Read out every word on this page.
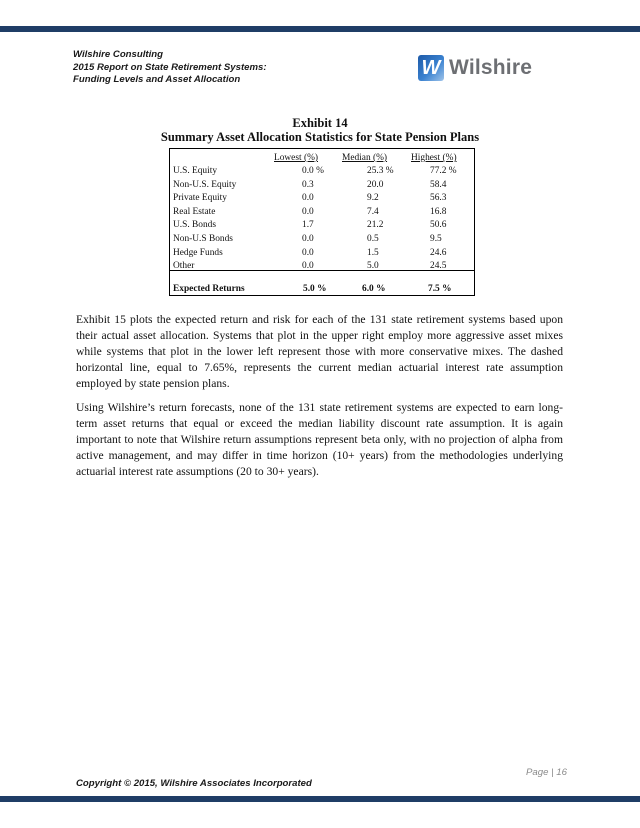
Wilshire Consulting
2015 Report on State Retirement Systems:
Funding Levels and Asset Allocation
W Wilshire
Exhibit 14
Summary Asset Allocation Statistics for State Pension Plans
Lowest (%)	Median (%)	Highest (%)
U.S. Equity	0.0 %	25.3 %	77.2 %
Non-U.S. Equity	0.3	20.0	58.4
Private Equity	0.0	9.2	56.3
Real Estate	0.0	7.4	16.8
U.S. Bonds	1.7	21.2	50.6
Non-U.S Bonds	0.0	0.5	9.5
Hedge Funds	0.0	1.5	24.6
Other	0.0	5.0	24.5
Expected Returns	5.0 %	6.0 %	7.5 %
Exhibit 15 plots the expected return and risk for each of the 131 state retirement systems based upon their actual asset allocation. Systems that plot in the upper right employ more aggressive asset mixes while systems that plot in the lower left represent those with more conservative mixes. The dashed horizontal line, equal to 7.65%, represents the current median actuarial interest rate assumption employed by state pension plans.
Using Wilshire’s return forecasts, none of the 131 state retirement systems are expected to earn long-term asset returns that equal or exceed the median liability discount rate assumption. It is again important to note that Wilshire return assumptions represent beta only, with no projection of alpha from active management, and may differ in time horizon (10+ years) from the methodologies underlying actuarial interest rate assumptions (20 to 30+ years).
Page | 16
Copyright © 2015, Wilshire Associates Incorporated
